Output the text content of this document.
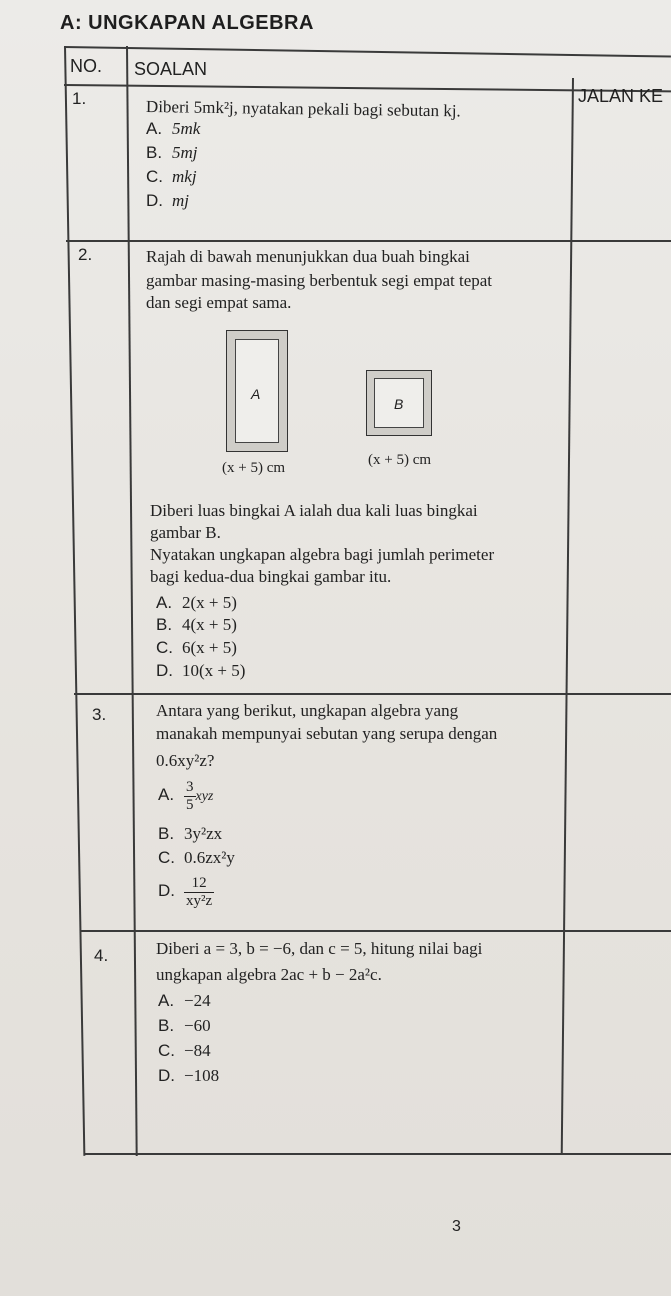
A: UNGKAPAN ALGEBRA
NO. SOALAN
JALAN KE
1.	Diberi 5mk²j, nyatakan pekali bagi sebutan kj.
A. 5mk
B. 5mj
C. mkj
D. mj
2.	Rajah di bawah menunjukkan dua buah bingkai
gambar masing-masing berbentuk segi empat tepat
dan segi empat sama.
A
B
(x + 5) cm	(x + 5) cm
Diberi luas bingkai A ialah dua kali luas bingkai
gambar B.
Nyatakan ungkapan algebra bagi jumlah perimeter
bagi kedua-dua bingkai gambar itu.
A. 2(x + 5)
B. 4(x + 5)
C. 6(x + 5)
D. 10(x + 5)
3.	Antara yang berikut, ungkapan algebra yang
manakah mempunyai sebutan yang serupa dengan
0.6xy²z?
A. $\frac{3}{5}$ xyz
B. 3y²zx
C. 0.6zx²y
D. $\frac{12}{\text{xy²z}}$
4.	Diberi a = 3, b = −6, dan c = 5, hitung nilai bagi
ungkapan algebra 2ac + b − 2a²c.
A. −24
B. −60
C. −84
D. −108
3
